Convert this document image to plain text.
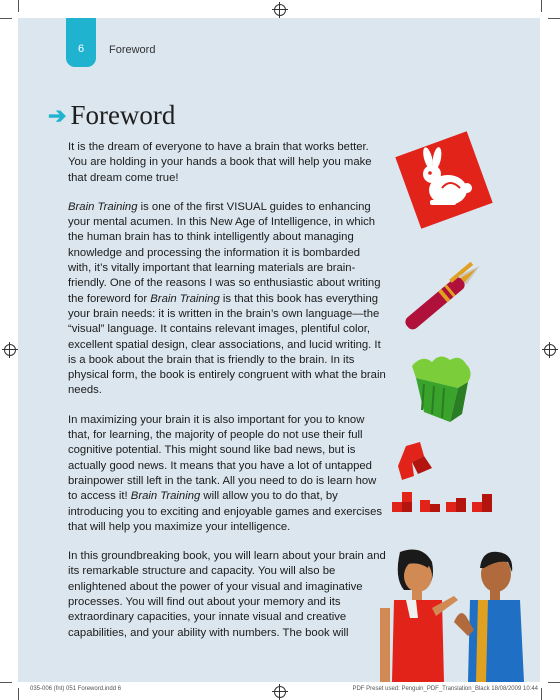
6 Foreword
➔ Foreword

It is the dream of everyone to have a brain that works better. You are holding in your hands a book that will help you make that dream come true!

Brain Training is one of the first VISUAL guides to enhancing your mental acumen. In this New Age of Intelligence, in which the human brain has to think intelligently about managing knowledge and processing the information it is bombarded with, it’s vitally important that learning materials are brain-friendly. One of the reasons I was so enthusiastic about writing the foreword for Brain Training is that this book has everything your brain needs: it is written in the brain’s own language—the “visual” language. It contains relevant images, plentiful color, excellent spatial design, clear associations, and lucid writing. It is a book about the brain that is friendly to the brain. In its physical form, the book is entirely congruent with what the brain needs.

In maximizing your brain it is also important for you to know that, for learning, the majority of people do not use their full cognitive potential. This might sound like bad news, but is actually good news. It means that you have a lot of untapped brainpower still left in the tank. All you need to do is learn how to access it! Brain Training will allow you to do that, by introducing you to exciting and enjoyable games and exercises that will help you maximize your intelligence.

In this groundbreaking book, you will learn about your brain and its remarkable structure and capacity. You will also be enlightened about the power of your visual and imaginative processes. You will find out about your memory and its extraordinary capacities, your innate visual and creative capabilities, and your ability with numbers. The book will

035-006 (fnt) 051 Foreword.indd 6	PDF Preset used: Penguin_PDF_Translation_Black 18/08/2009 10:44
